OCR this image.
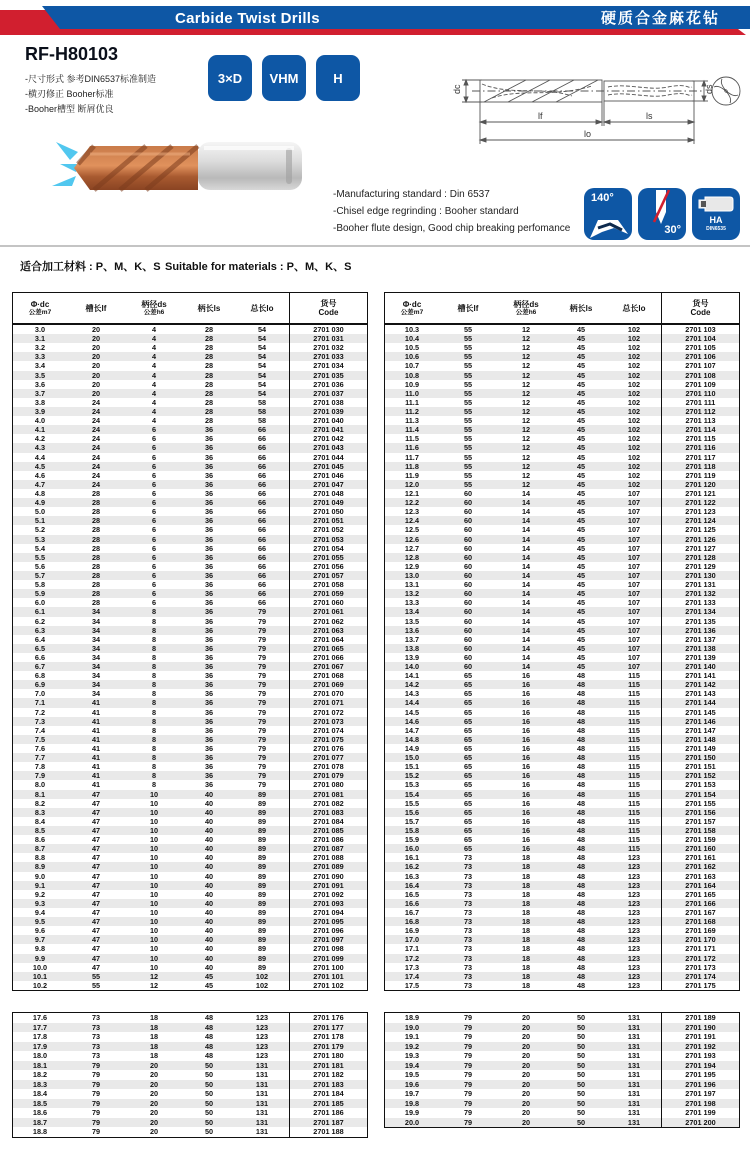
Carbide Twist Drills	硬质合金麻花钻
RF-H80103
-尺寸形式 参考DIN6537标准制造
-横刃修正 Booher标准
-Booher槽型 断屑优良
3×D	VHM	H
dc	ds
lf	ls
lo
-Manufacturing standard : Din 6537
-Chisel edge regrinding : Booher standard
-Booher flute design, Good chip breaking perfomance
140°
30°
HA
DIN6535
适合加工材料 : P、M、K、S Suitable for materials : P、M、K、S
Φ·dc
公差m7	槽长lf	柄径ds
公差h6	柄长ls	总长lo	货号
Code
3.0	20	4	28	54	2701 030
3.1	20	4	28	54	2701 031
3.2	20	4	28	54	2701 032
3.3	20	4	28	54	2701 033
3.4	20	4	28	54	2701 034
3.5	20	4	28	54	2701 035
3.6	20	4	28	54	2701 036
3.7	20	4	28	54	2701 037
3.8	24	4	28	58	2701 038
3.9	24	4	28	58	2701 039
4.0	24	4	28	58	2701 040
4.1	24	6	36	66	2701 041
4.2	24	6	36	66	2701 042
4.3	24	6	36	66	2701 043
4.4	24	6	36	66	2701 044
4.5	24	6	36	66	2701 045
4.6	24	6	36	66	2701 046
4.7	24	6	36	66	2701 047
4.8	28	6	36	66	2701 048
4.9	28	6	36	66	2701 049
5.0	28	6	36	66	2701 050
5.1	28	6	36	66	2701 051
5.2	28	6	36	66	2701 052
5.3	28	6	36	66	2701 053
5.4	28	6	36	66	2701 054
5.5	28	6	36	66	2701 055
5.6	28	6	36	66	2701 056
5.7	28	6	36	66	2701 057
5.8	28	6	36	66	2701 058
5.9	28	6	36	66	2701 059
6.0	28	6	36	66	2701 060
6.1	34	8	36	79	2701 061
6.2	34	8	36	79	2701 062
6.3	34	8	36	79	2701 063
6.4	34	8	36	79	2701 064
6.5	34	8	36	79	2701 065
6.6	34	8	36	79	2701 066
6.7	34	8	36	79	2701 067
6.8	34	8	36	79	2701 068
6.9	34	8	36	79	2701 069
7.0	34	8	36	79	2701 070
7.1	41	8	36	79	2701 071
7.2	41	8	36	79	2701 072
7.3	41	8	36	79	2701 073
7.4	41	8	36	79	2701 074
7.5	41	8	36	79	2701 075
7.6	41	8	36	79	2701 076
7.7	41	8	36	79	2701 077
7.8	41	8	36	79	2701 078
7.9	41	8	36	79	2701 079
8.0	41	8	36	79	2701 080
8.1	47	10	40	89	2701 081
8.2	47	10	40	89	2701 082
8.3	47	10	40	89	2701 083
8.4	47	10	40	89	2701 084
8.5	47	10	40	89	2701 085
8.6	47	10	40	89	2701 086
8.7	47	10	40	89	2701 087
8.8	47	10	40	89	2701 088
8.9	47	10	40	89	2701 089
9.0	47	10	40	89	2701 090
9.1	47	10	40	89	2701 091
9.2	47	10	40	89	2701 092
9.3	47	10	40	89	2701 093
9.4	47	10	40	89	2701 094
9.5	47	10	40	89	2701 095
9.6	47	10	40	89	2701 096
9.7	47	10	40	89	2701 097
9.8	47	10	40	89	2701 098
9.9	47	10	40	89	2701 099
10.0	47	10	40	89	2701 100
10.1	55	12	45	102	2701 101
10.2	55	12	45	102	2701 102
Φ·dc
公差m7	槽长lf	柄径ds
公差h6	柄长ls	总长lo	货号
Code
10.3	55	12	45	102	2701 103
10.4	55	12	45	102	2701 104
10.5	55	12	45	102	2701 105
10.6	55	12	45	102	2701 106
10.7	55	12	45	102	2701 107
10.8	55	12	45	102	2701 108
10.9	55	12	45	102	2701 109
11.0	55	12	45	102	2701 110
11.1	55	12	45	102	2701 111
11.2	55	12	45	102	2701 112
11.3	55	12	45	102	2701 113
11.4	55	12	45	102	2701 114
11.5	55	12	45	102	2701 115
11.6	55	12	45	102	2701 116
11.7	55	12	45	102	2701 117
11.8	55	12	45	102	2701 118
11.9	55	12	45	102	2701 119
12.0	55	12	45	102	2701 120
12.1	60	14	45	107	2701 121
12.2	60	14	45	107	2701 122
12.3	60	14	45	107	2701 123
12.4	60	14	45	107	2701 124
12.5	60	14	45	107	2701 125
12.6	60	14	45	107	2701 126
12.7	60	14	45	107	2701 127
12.8	60	14	45	107	2701 128
12.9	60	14	45	107	2701 129
13.0	60	14	45	107	2701 130
13.1	60	14	45	107	2701 131
13.2	60	14	45	107	2701 132
13.3	60	14	45	107	2701 133
13.4	60	14	45	107	2701 134
13.5	60	14	45	107	2701 135
13.6	60	14	45	107	2701 136
13.7	60	14	45	107	2701 137
13.8	60	14	45	107	2701 138
13.9	60	14	45	107	2701 139
14.0	60	14	45	107	2701 140
14.1	65	16	48	115	2701 141
14.2	65	16	48	115	2701 142
14.3	65	16	48	115	2701 143
14.4	65	16	48	115	2701 144
14.5	65	16	48	115	2701 145
14.6	65	16	48	115	2701 146
14.7	65	16	48	115	2701 147
14.8	65	16	48	115	2701 148
14.9	65	16	48	115	2701 149
15.0	65	16	48	115	2701 150
15.1	65	16	48	115	2701 151
15.2	65	16	48	115	2701 152
15.3	65	16	48	115	2701 153
15.4	65	16	48	115	2701 154
15.5	65	16	48	115	2701 155
15.6	65	16	48	115	2701 156
15.7	65	16	48	115	2701 157
15.8	65	16	48	115	2701 158
15.9	65	16	48	115	2701 159
16.0	65	16	48	115	2701 160
16.1	73	18	48	123	2701 161
16.2	73	18	48	123	2701 162
16.3	73	18	48	123	2701 163
16.4	73	18	48	123	2701 164
16.5	73	18	48	123	2701 165
16.6	73	18	48	123	2701 166
16.7	73	18	48	123	2701 167
16.8	73	18	48	123	2701 168
16.9	73	18	48	123	2701 169
17.0	73	18	48	123	2701 170
17.1	73	18	48	123	2701 171
17.2	73	18	48	123	2701 172
17.3	73	18	48	123	2701 173
17.4	73	18	48	123	2701 174
17.5	73	18	48	123	2701 175
17.6	73	18	48	123	2701 176
17.7	73	18	48	123	2701 177
17.8	73	18	48	123	2701 178
17.9	73	18	48	123	2701 179
18.0	73	18	48	123	2701 180
18.1	79	20	50	131	2701 181
18.2	79	20	50	131	2701 182
18.3	79	20	50	131	2701 183
18.4	79	20	50	131	2701 184
18.5	79	20	50	131	2701 185
18.6	79	20	50	131	2701 186
18.7	79	20	50	131	2701 187
18.8	79	20	50	131	2701 188
18.9	79	20	50	131	2701 189
19.0	79	20	50	131	2701 190
19.1	79	20	50	131	2701 191
19.2	79	20	50	131	2701 192
19.3	79	20	50	131	2701 193
19.4	79	20	50	131	2701 194
19.5	79	20	50	131	2701 195
19.6	79	20	50	131	2701 196
19.7	79	20	50	131	2701 197
19.8	79	20	50	131	2701 198
19.9	79	20	50	131	2701 199
20.0	79	20	50	131	2701 200
